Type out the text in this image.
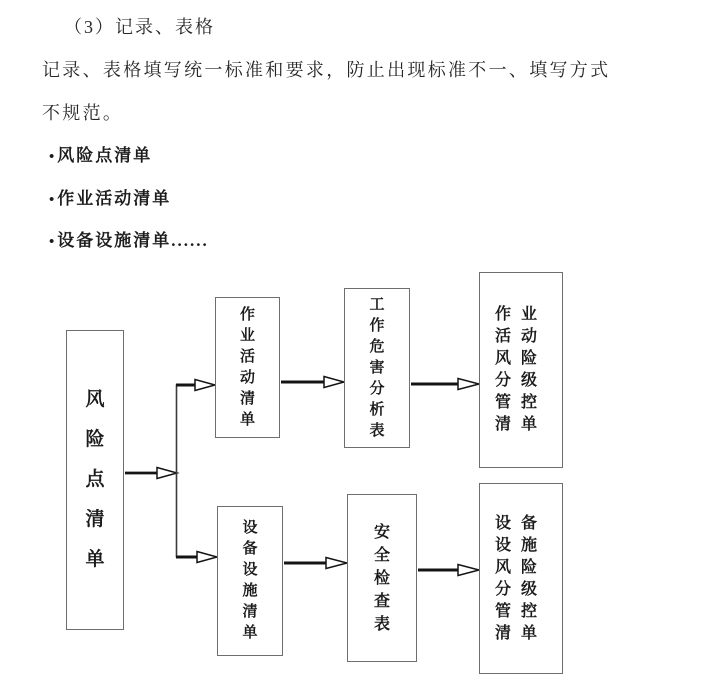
（3）记录、表格
记录、表格填写统一标准和要求，防止出现标准不一、填写方式
不规范。
•风险点清单
•作业活动清单
•设备设施清单......
风险点清单
作业活动清单
工作危害分析表
作业活动风险分级管控清单
设备设施清单
安全检查表
设备设施风险分级管控清单
